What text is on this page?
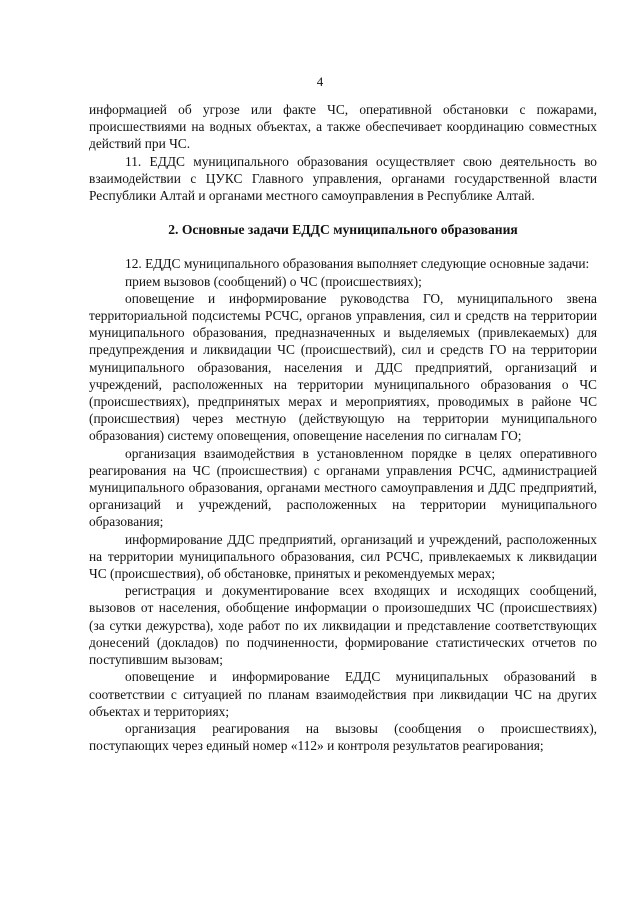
4

информацией об угрозе или факте ЧС, оперативной обстановки с пожарами, происшествиями на водных объектах, а также обеспечивает координацию совместных действий при ЧС.

11. ЕДДС муниципального образования осуществляет свою деятельность во взаимодействии с ЦУКС Главного управления, органами государственной власти Республики Алтай и органами местного самоуправления в Республике Алтай.

2. Основные задачи ЕДДС муниципального образования

12. ЕДДС муниципального образования выполняет следующие основные задачи:

прием вызовов (сообщений) о ЧС (происшествиях);

оповещение и информирование руководства ГО, муниципального звена территориальной подсистемы РСЧС, органов управления, сил и средств на территории муниципального образования, предназначенных и выделяемых (привлекаемых) для предупреждения и ликвидации ЧС (происшествий), сил и средств ГО на территории муниципального образования, населения и ДДС предприятий, организаций и учреждений, расположенных на территории муниципального образования о ЧС (происшествиях), предпринятых мерах и мероприятиях, проводимых в районе ЧС (происшествия) через местную (действующую на территории муниципального образования) систему оповещения, оповещение населения по сигналам ГО;

организация взаимодействия в установленном порядке в целях оперативного реагирования на ЧС (происшествия) с органами управления РСЧС, администрацией муниципального образования, органами местного самоуправления и ДДС предприятий, организаций и учреждений, расположенных на территории муниципального образования;

информирование ДДС предприятий, организаций и учреждений, расположенных на территории муниципального образования, сил РСЧС, привлекаемых к ликвидации ЧС (происшествия), об обстановке, принятых и рекомендуемых мерах;

регистрация и документирование всех входящих и исходящих сообщений, вызовов от населения, обобщение информации о произошедших ЧС (происшествиях) (за сутки дежурства), ходе работ по их ликвидации и представление соответствующих донесений (докладов) по подчиненности, формирование статистических отчетов по поступившим вызовам;

оповещение и информирование ЕДДС муниципальных образований в соответствии с ситуацией по планам взаимодействия при ликвидации ЧС на других объектах и территориях;

организация реагирования на вызовы (сообщения о происшествиях), поступающих через единый номер «112» и контроля результатов реагирования;
